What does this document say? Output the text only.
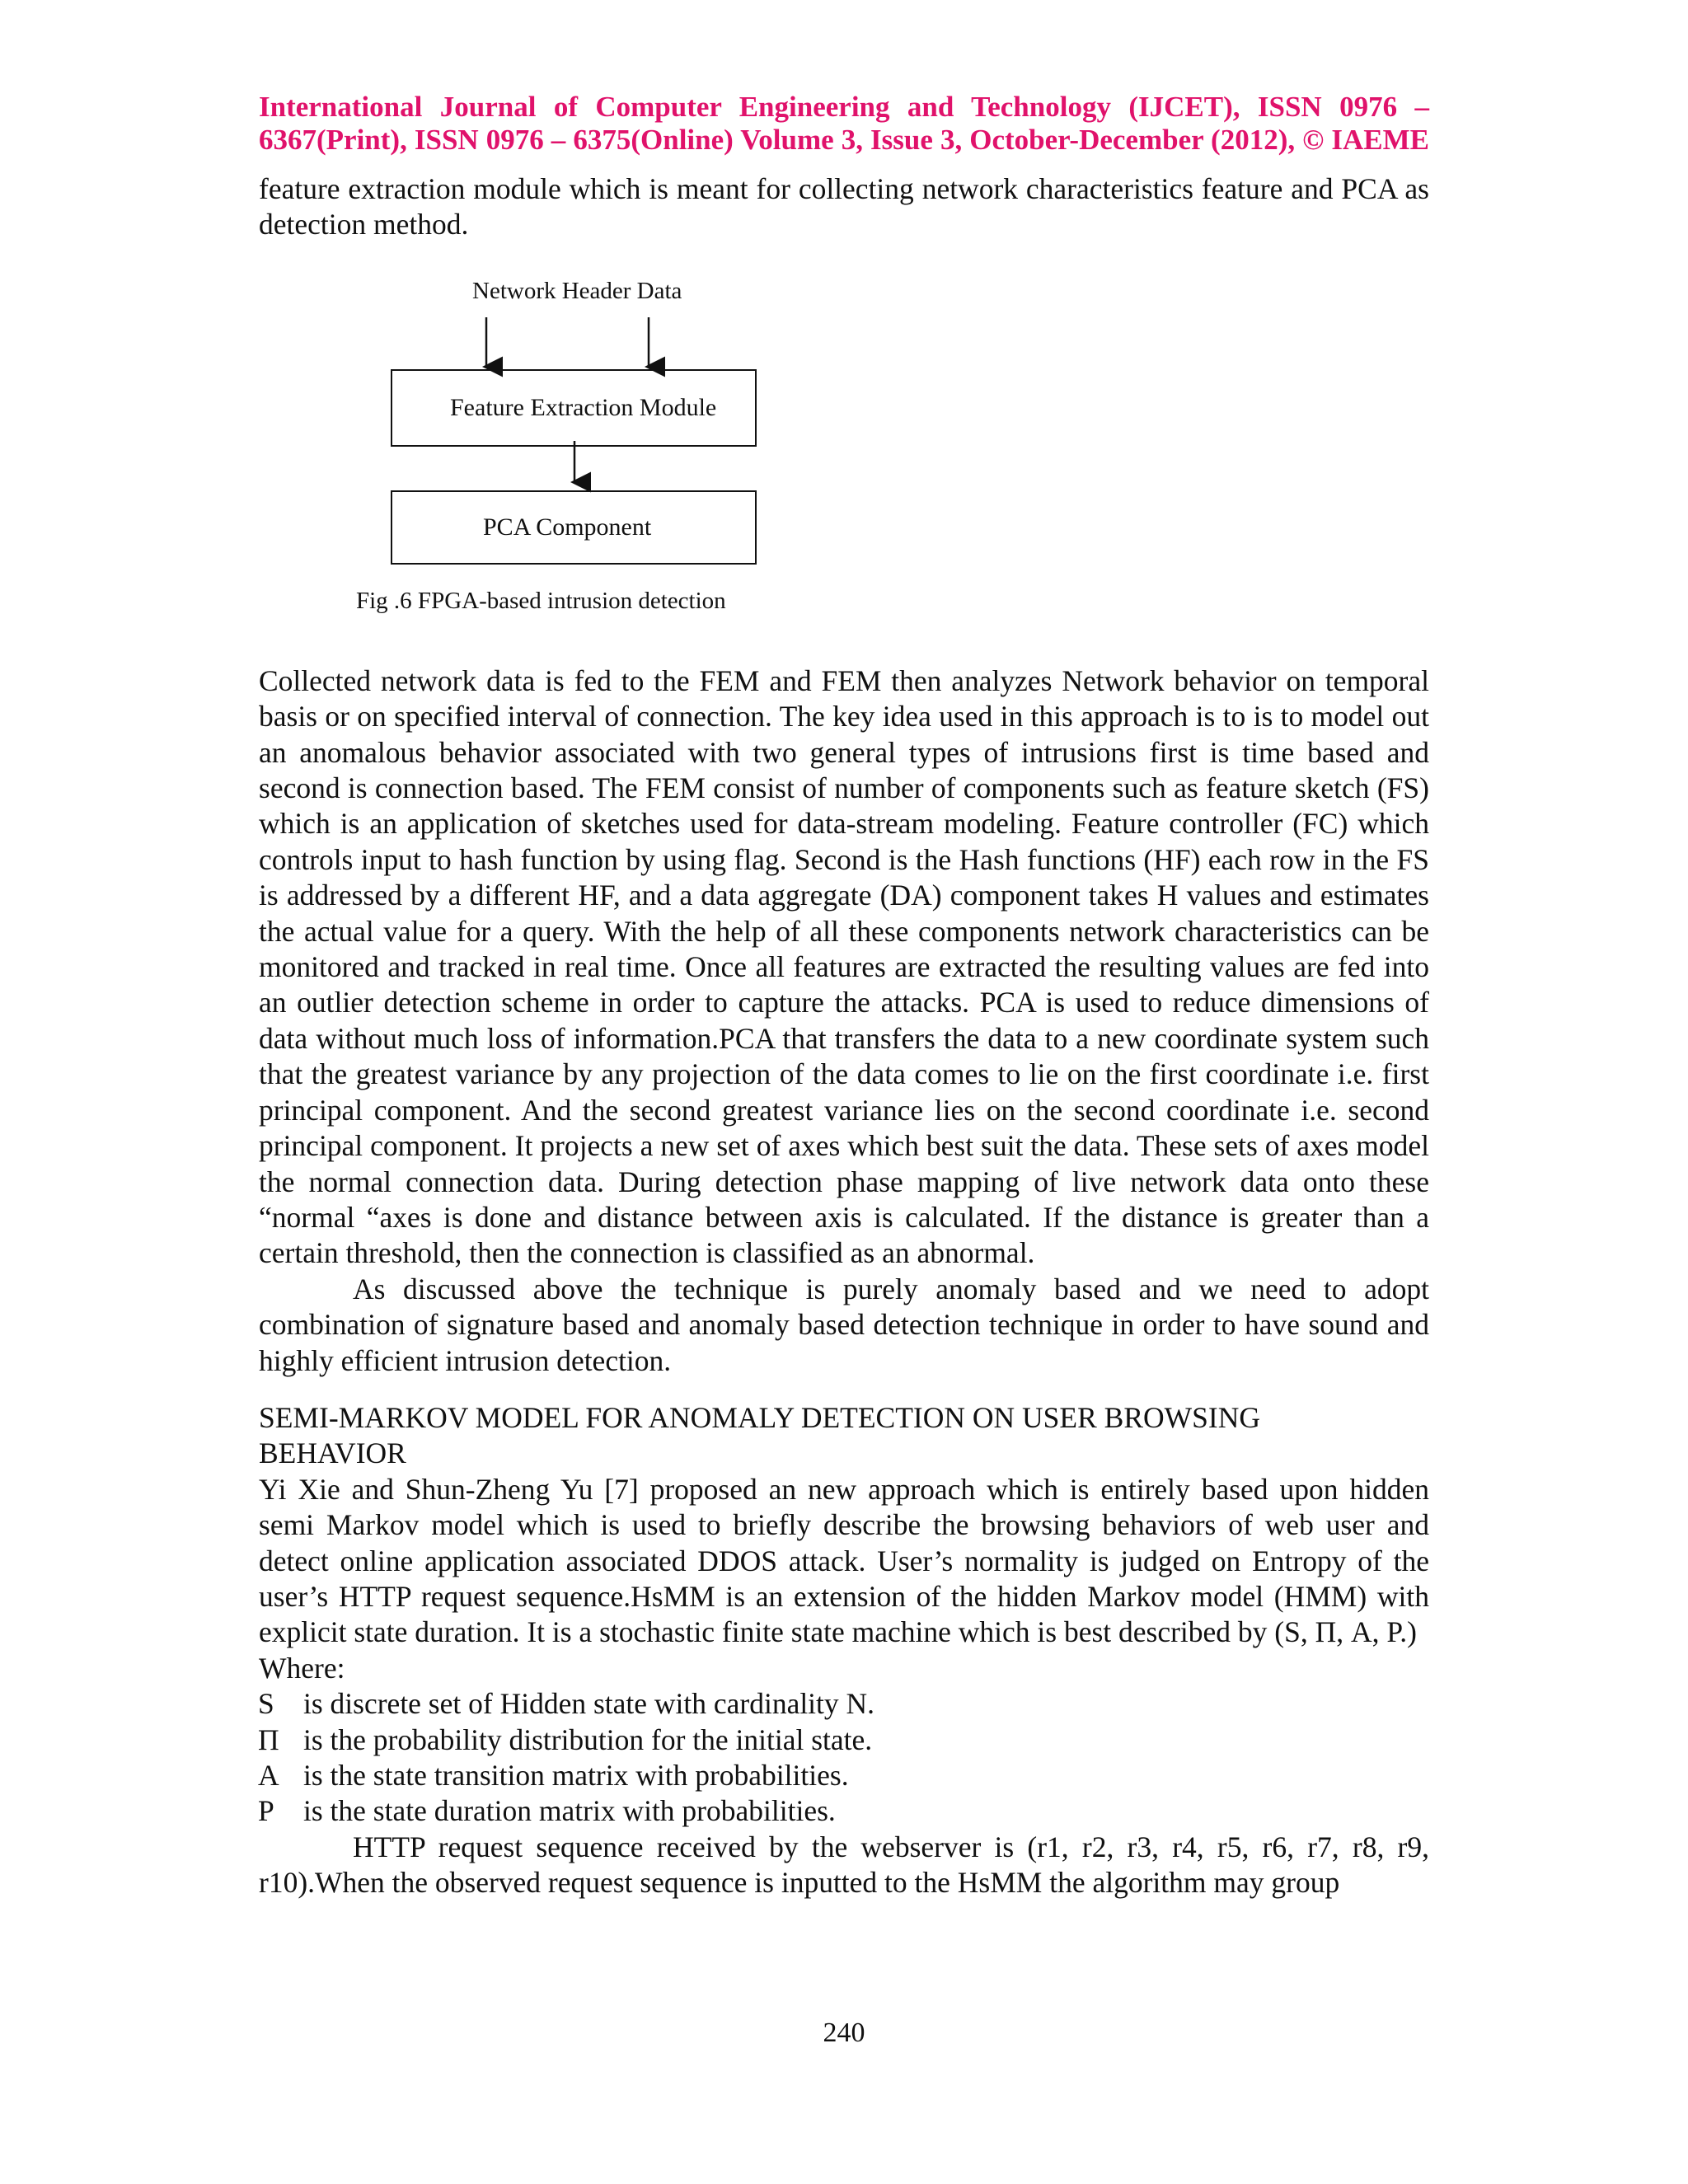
International Journal of Computer Engineering and Technology (IJCET), ISSN 0976 –

6367(Print), ISSN 0976 – 6375(Online) Volume 3, Issue 3, October-December (2012), © IAEME

feature extraction module which is meant for collecting network characteristics feature and PCA as detection method.

Network Header Data
Feature Extraction Module
PCA Component
Fig .6 FPGA-based intrusion detection

Collected network data is fed to the FEM and FEM then analyzes Network behavior on temporal basis or on specified interval of connection. The key idea used in this approach is to is to model out an anomalous behavior associated with two general types of intrusions first is time based and second is connection based. The FEM consist of number of components such as feature sketch (FS) which is an application of sketches used for data-stream modeling. Feature controller (FC) which controls input to hash function by using flag. Second is the Hash functions (HF) each row in the FS is addressed by a different HF, and a data aggregate (DA) component takes H values and estimates the actual value for a query. With the help of all these components network characteristics can be monitored and tracked in real time. Once all features are extracted the resulting values are fed into an outlier detection scheme in order to capture the attacks. PCA is used to reduce dimensions of data without much loss of information.PCA that transfers the data to a new coordinate system such that the greatest variance by any projection of the data comes to lie on the first coordinate i.e. first principal component. And the second greatest variance lies on the second coordinate i.e. second principal component. It projects a new set of axes which best suit the data. These sets of axes model the normal connection data. During detection phase mapping of live network data onto these “normal “axes is done and distance between axis is calculated. If the distance is greater than a certain threshold, then the connection is classified as an abnormal.

As discussed above the technique is purely anomaly based and we need to adopt combination of signature based and anomaly based detection technique in order to have sound and highly efficient intrusion detection.

SEMI-MARKOV MODEL FOR ANOMALY DETECTION ON USER BROWSING BEHAVIOR

Yi Xie and Shun-Zheng Yu [7] proposed an new approach which is entirely based upon hidden semi Markov model which is used to briefly describe the browsing behaviors of web user and detect online application associated DDOS attack. User’s normality is judged on Entropy of the user’s HTTP request sequence.HsMM is an extension of the hidden Markov model (HMM) with explicit state duration. It is a stochastic finite state machine which is best described by (S, Π, A, P.)

Where:

S is discrete set of Hidden state with cardinality N.
Π is the probability distribution for the initial state.
A is the state transition matrix with probabilities.
P is the state duration matrix with probabilities.

HTTP request sequence received by the webserver is (r1, r2, r3, r4, r5, r6, r7, r8, r9, r10).When the observed request sequence is inputted to the HsMM the algorithm may group

240
